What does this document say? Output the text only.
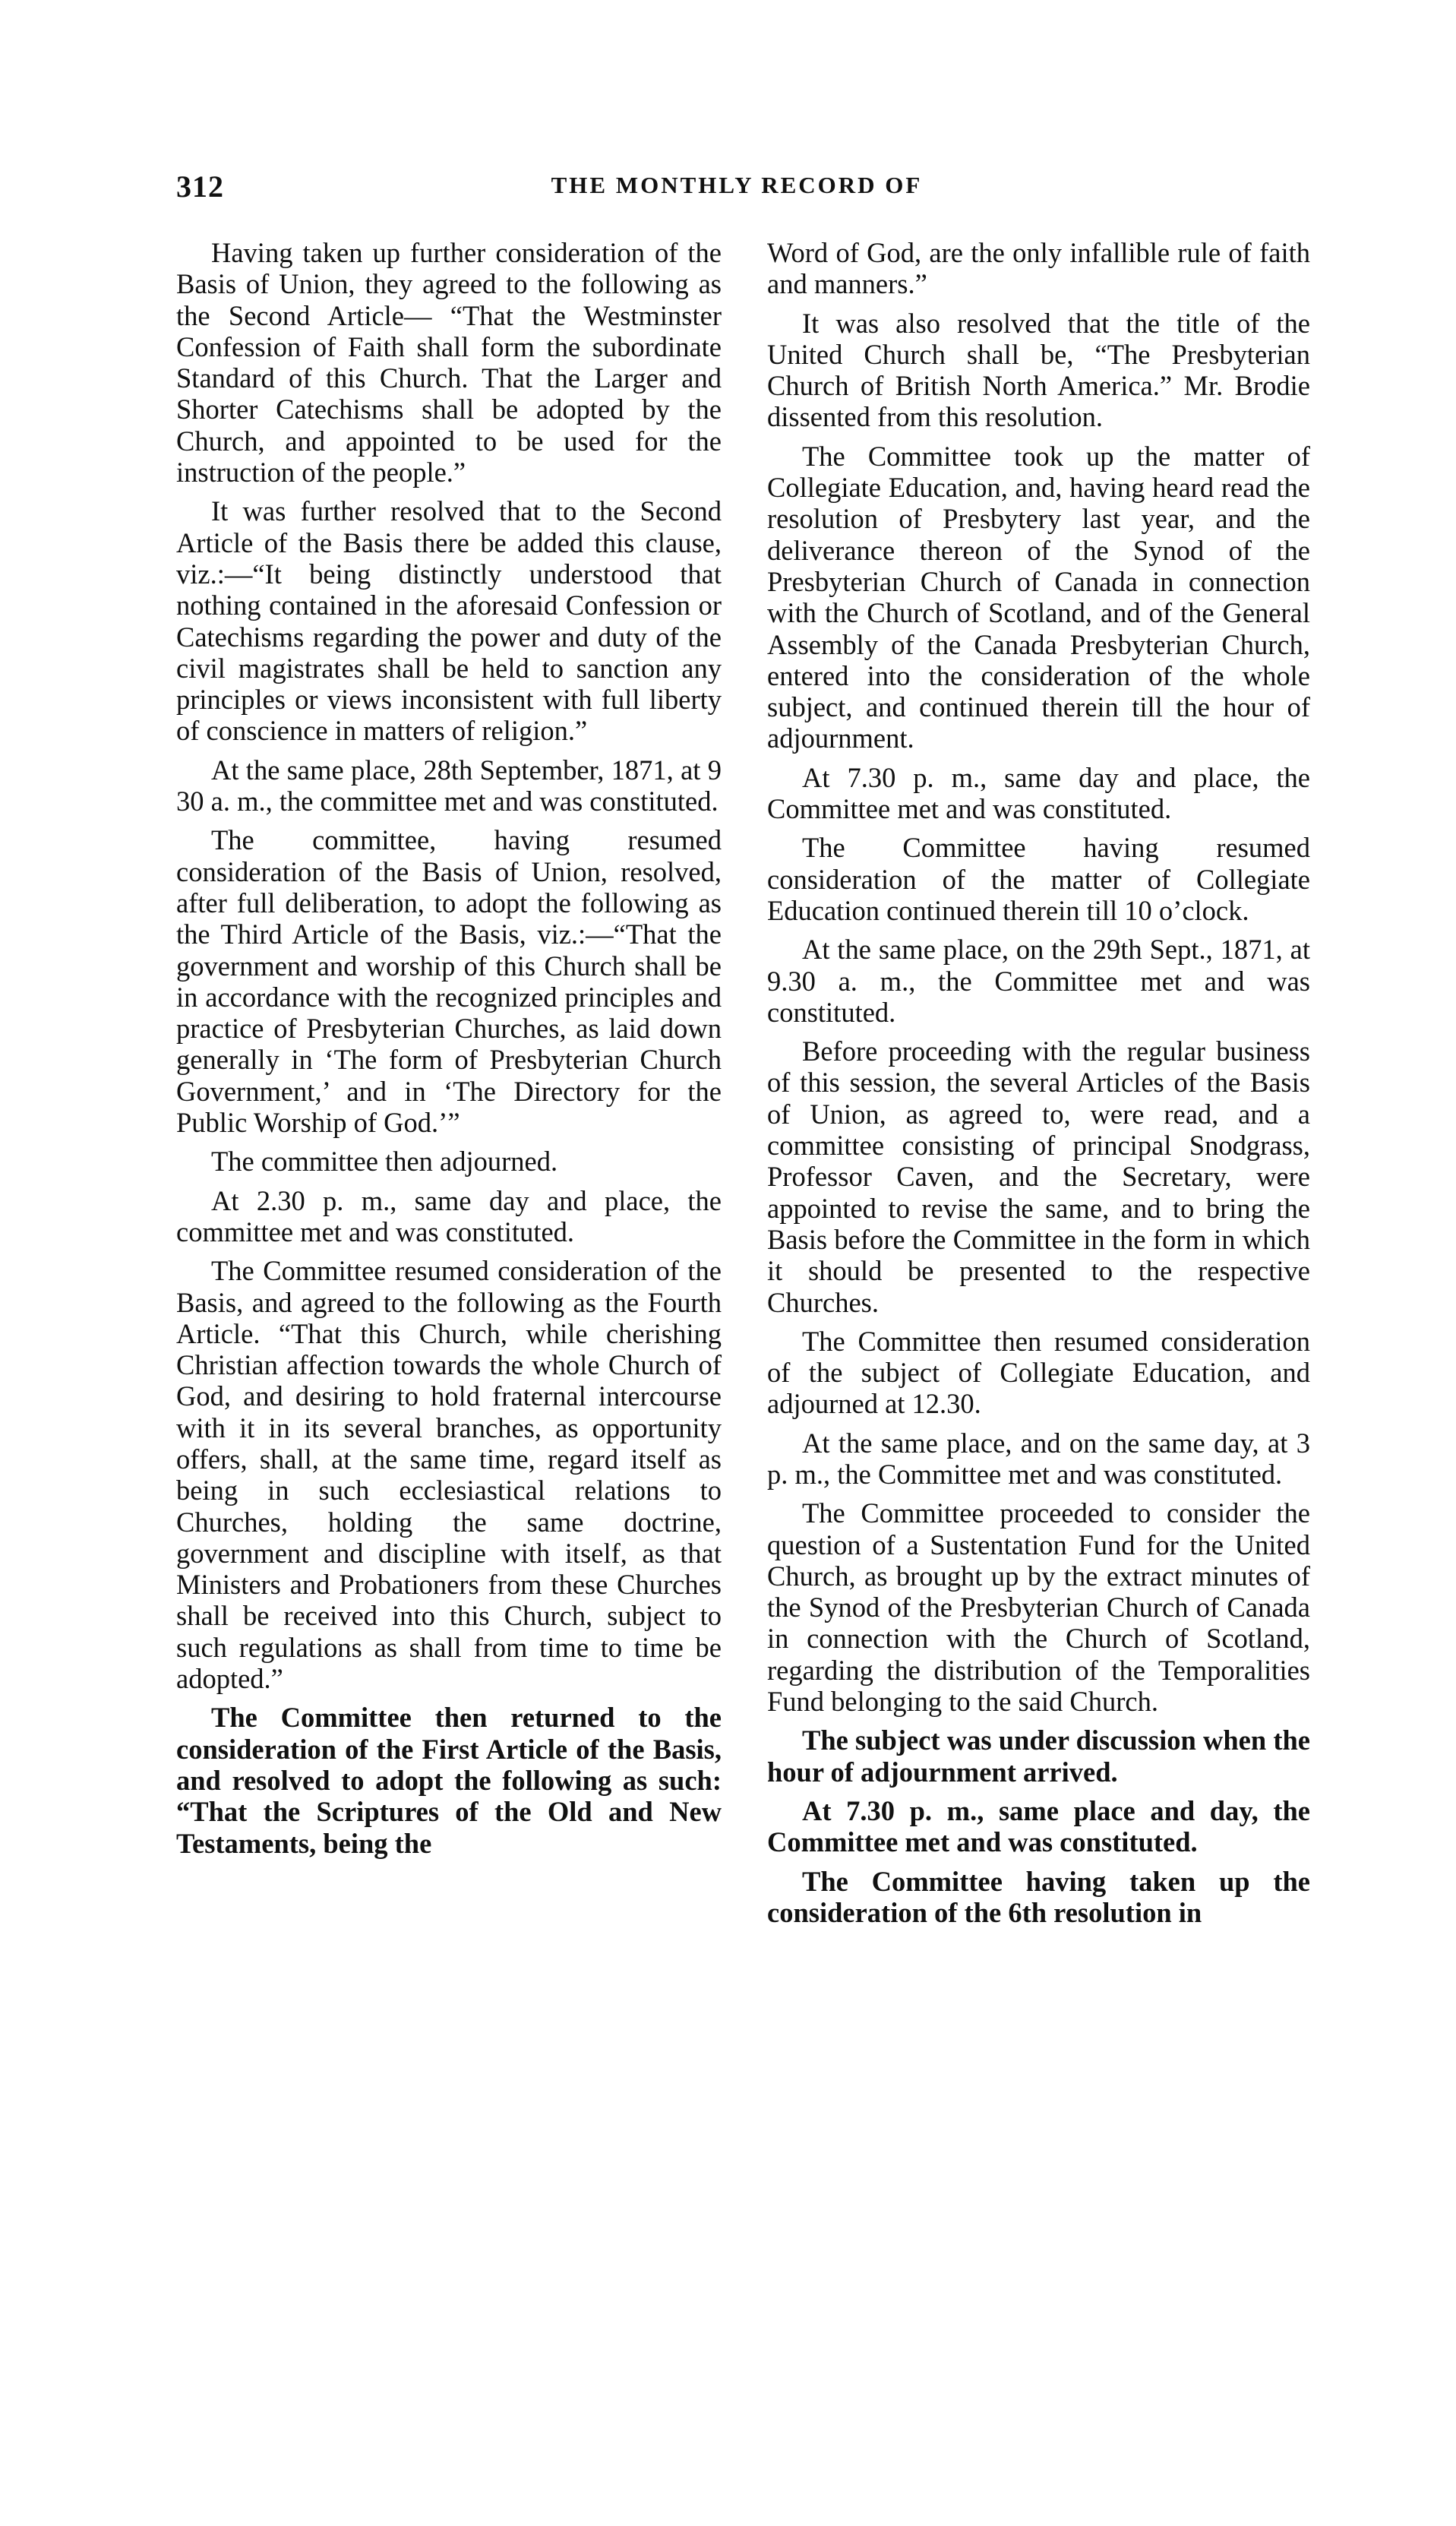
312	THE MONTHLY RECORD OF

Having taken up further consideration of the Basis of Union, they agreed to the following as the Second Article— “That the Westminster Confession of Faith shall form the subordinate Standard of this Church. That the Larger and Shorter Catechisms shall be adopted by the Church, and appointed to be used for the instruction of the people.”

It was further resolved that to the Second Article of the Basis there be added this clause, viz.:—“It being distinctly understood that nothing contained in the aforesaid Confession or Catechisms regarding the power and duty of the civil magistrates shall be held to sanction any principles or views inconsistent with full liberty of conscience in matters of religion.”

At the same place, 28th September, 1871, at 9 30 a. m., the committee met and was constituted.

The committee, having resumed consideration of the Basis of Union, resolved, after full deliberation, to adopt the following as the Third Article of the Basis, viz.:—“That the government and worship of this Church shall be in accordance with the recognized principles and practice of Presbyterian Churches, as laid down generally in ‘The form of Presbyterian Church Government,’ and in ‘The Directory for the Public Worship of God.’”

The committee then adjourned.

At 2.30 p. m., same day and place, the committee met and was constituted.

The Committee resumed consideration of the Basis, and agreed to the following as the Fourth Article. “That this Church, while cherishing Christian affection towards the whole Church of God, and desiring to hold fraternal intercourse with it in its several branches, as opportunity offers, shall, at the same time, regard itself as being in such ecclesiastical relations to Churches, holding the same doctrine, government and discipline with itself, as that Ministers and Probationers from these Churches shall be received into this Church, subject to such regulations as shall from time to time be adopted.”

The Committee then returned to the consideration of the First Article of the Basis, and resolved to adopt the following as such: “That the Scriptures of the Old and New Testaments, being the

Word of God, are the only infallible rule of faith and manners.”

It was also resolved that the title of the United Church shall be, “The Presbyterian Church of British North America.” Mr. Brodie dissented from this resolution.

The Committee took up the matter of Collegiate Education, and, having heard read the resolution of Presbytery last year, and the deliverance thereon of the Synod of the Presbyterian Church of Canada in connection with the Church of Scotland, and of the General Assembly of the Canada Presbyterian Church, entered into the consideration of the whole subject, and continued therein till the hour of adjournment.

At 7.30 p. m., same day and place, the Committee met and was constituted.

The Committee having resumed consideration of the matter of Collegiate Education continued therein till 10 o’clock.

At the same place, on the 29th Sept., 1871, at 9.30 a. m., the Committee met and was constituted.

Before proceeding with the regular business of this session, the several Articles of the Basis of Union, as agreed to, were read, and a committee consisting of principal Snodgrass, Professor Caven, and the Secretary, were appointed to revise the same, and to bring the Basis before the Committee in the form in which it should be presented to the respective Churches.

The Committee then resumed consideration of the subject of Collegiate Education, and adjourned at 12.30.

At the same place, and on the same day, at 3 p. m., the Committee met and was constituted.

The Committee proceeded to consider the question of a Sustentation Fund for the United Church, as brought up by the extract minutes of the Synod of the Presbyterian Church of Canada in connection with the Church of Scotland, regarding the distribution of the Temporalities Fund belonging to the said Church.

The subject was under discussion when the hour of adjournment arrived.

At 7.30 p. m., same place and day, the Committee met and was constituted.

The Committee having taken up the consideration of the 6th resolution in
